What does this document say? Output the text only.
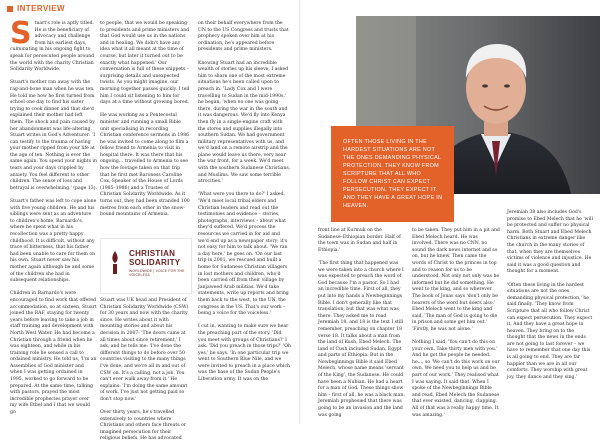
INTERVIEW
S tuart's role is aptly titled. He is the beneficiary of advocacy and challenge from his earliest days, culminating in his ongoing fight to speak for persecuted people around the world with the charity Christian Solidarity Worldwide.

Stuart's mother ran away with the rag-and-bone man when he was ten. He told me how he first turned from school one day to find his sister trying to cook dinner and that she'd explained their mother had left them. The shock and pain caused by her abandonment was life-altering. Stuart writes in God's Adventurer: 'I can testify to the trauma of having your mother ripped from your life at the age of ten. Nothing is ever the same again. You spend your nights in tears and your days crippled by anxiety. You feel different to other children. The sense of loss and betrayal is overwhelming.' (page 13).

Stuart's father was left to cope alone with five young children. He and his siblings were sent as an adventure to children's home, Barnardo's, where he spent what in his recollection was a pretty happy childhood. It is difficult, without any trace of bitterness, that his father had been unable to care for them on his own. Stuart never saw his mother again although he and some of the children she had in subsequent relationships.

Children in Barnardo's were encouraged to find work that offered accommodation, so at sixteen, Stuart joined the RAF, staying for twenty years before leaving to take a job in staff training and development with North West Water. He had become a Christian through a friend when he was eighteen, and while in his training role he sensed a call to ordained ministry. He told us, 'I'm an Assemblies of God minister and when I was getting ordained in 1995, worked to go forward to be prepared. At the same time, talking with pastors, prayed the most incredible prophecies prayer over my wife Ethel and I that we would go

to people, that we would be speaking to presidents and prime ministers and that God would use us in the nations and in healing. We didn't have any idea what it all meant at the time of course, but later it turned out to be exactly what happened.' Our conversation is full of these snippets – surprising details and unexpected twists. As you might imagine, our morning together passes quickly. I tell him I could sit listening to him for days at a time without growing bored.

He was working as a Pentecostal minister and running a small Bible unit specialising in recording Christian conference sermons in 1986 he was invited to come along to film a fellow friend to Armenia to visit in hospital there. It was there that his ongoing... travelled to Armenia to see how the footage taken on that trip that he first met Baroness Caroline Cox, Speaker of the House of Lords (1985–1986) and a Trustee of Christian Solidarity Worldwide. As it turns out, they had been stranded 100 metres from each other in the snow-bound mountains of Armenia.

CHRISTIAN
SOLIDARITY
WORLDWIDE | VOICE FOR THE VOICELESS

Stuart was UK head and President of Christian Solidarity Worldwide (CSW) for 30 years and now with the charity since. He writes about it with mounting stories and about his decision in 2007: 'The doors came at all times about since retirement,' I ask, and he tells me: 'I've done the different things to do before over 50 countries visiting to the many things I've done, and we're all in and out of CSW on. It's a calling, not a job. You can't ever walk away from it.' He explains: 'I'm doing the same amount of work. I've just not getting paid so don't stop now.'

Over thirty years, he's travelled extensively to countries where Christians and others face threats or imagined persecution for their religious beliefs. He has advocated

on their behalf everywhere from the UN to the US Congress and trusts that prophecy spoken over him at his ordination, he's appeared before presidents and prime ministers.

Knowing Stuart had an incredible wealth of stories up his sleeve, I asked him to share one of the most extreme situations he's been called upon to preach in. 'Lady Cox and I were travelling to Sudan in the mid-1990s,' he began, 'when no one was going there, during the war in the south and it was dangerous. We'd fly into Kenya then fly in a single-engine craft with the stores and supplies illegally into southern Sudan. We had government military representatives with us, and we'd land on a remote airstrip and the plane would leave us there, very near the war front, for a week. We'd meet with the southern Sudanese Christians, and Muslims. We saw some terrible atrocities.'

'What were you there to do?' I asked. 'We'd meet local tribal elders and Christian leaders and read out the testimonies and evidence – stories, photographs, interviews – about what they'd suffered. We'd process the resources we carried in for aid and we'd end up as a newspaper story; it's not easy for him to talk about. 'We ran a day here,' he goes on. 'On our last trip in 2001, we rescued and built a home for Sudanese Christian villagers in lost mothers and children, who'd been carried off from their village by Janjaweed Arab militias. We'd take statements, write up reports and bring them back to the west, to the UN, the congress in the US. That's our work – being a voice for the voiceless.'

I cut in, wanting to make sure we hear the preaching part of the story. 'Did you meet with groups of Christians?' I ask. 'Did you preach in those trips?' 'Oh yes,' he says. 'In one particular trip we went to Southern Blue Nile, and we were invited to preach in a place which was the base of the Sudan People's Liberation army. It was on the

OFTEN THOSE LIVING IN THE HARDEST SITUATIONS ARE NOT THE ONES DEMANDING PHYSICAL PROTECTION. THEY KNOW FROM SCRIPTURE THAT ALL WHO FOLLOW CHRIST CAN EXPECT PERSECUTION. THEY EXPECT IT. AND THEY HAVE A GREAT HOPE IN HEAVEN.

front line at Kurmuk on the Sudanese–Ethiopian border. Half of the town was in Sudan and half in Ethiopia.'

'The first thing that happened was we were taken into a church where I was expected to preach the word of God because I'm a pastor. So I had an incredible time. First of all, they put into my hands a Newbeginnings Bible. I don't generally like that translation, but that was what was there. They asked me to read Jeremiah 18, and 18 is the text I still remember, preaching on chapter 18 verse 18. It talks about a man from the land of Kush, Ebed Melech. The land of Cush included Sudan, Egypt and parts of Ethiopia. But in the Newbeginnings Bible it said Ebed Melech, whose name means 'servant of the King', the Sudanese. He could have been a Nubian. He had a heart for a man of God. These things show him – first of all, he was a black man. Jeremiah prophesied that there was going to be an invasion and the land was going

to be taken. They put him in a pit and Ebed Melech heard. He was involved. There was no CNN, no sound the dark news internet and so on, but he knew. Then came the words of Christ to the princes in top and to reason for us to be understood. Not only not only was he informed but he did something. He went to the king, and so wherever. The book of Jonas says 'don't only be hearers of the word but doers also.' Ebed Melech went to the king and said, 'The man of God is going to die in prison and some get him out.' 'Firstly, he was not alone.'

Nothing I said, 'You can't do this on your own. Take thirty men with you.' And he got the people he needed, he..., so 'We can't do this work on our own. We need you to help us and be part of our work.' They realised what I was saying. It said that. When I spoke of the Newbeginnings Bible and read, Ebed Melech the Sudanese that ever existed, dancing, clapping. All of that was a really happy time. It was amazing.'

Jeremiah 38 also includes God's promise to Ebed Melech that he 'will be protected and suffer no physical harm. Both Stuart and Ebed Melech Christians in extreme danger like the church in the many stories of that, when they are themselves victims of violence and injustice. He said it was a good question and thought for a moment.

'Often these living in the hardest situations are not the ones demanding physical protection,' he said finally. 'They know from Scripture that all who follow Christ can expect persecution. They expect it. And they have a great hope in heaven. They bring on to the thought that the news in the ends are not going to last forever – we have to remember that one day this is all going to end. They are far happier than we are in all our comforts. They worship with great joy, they dance and they sing.'
